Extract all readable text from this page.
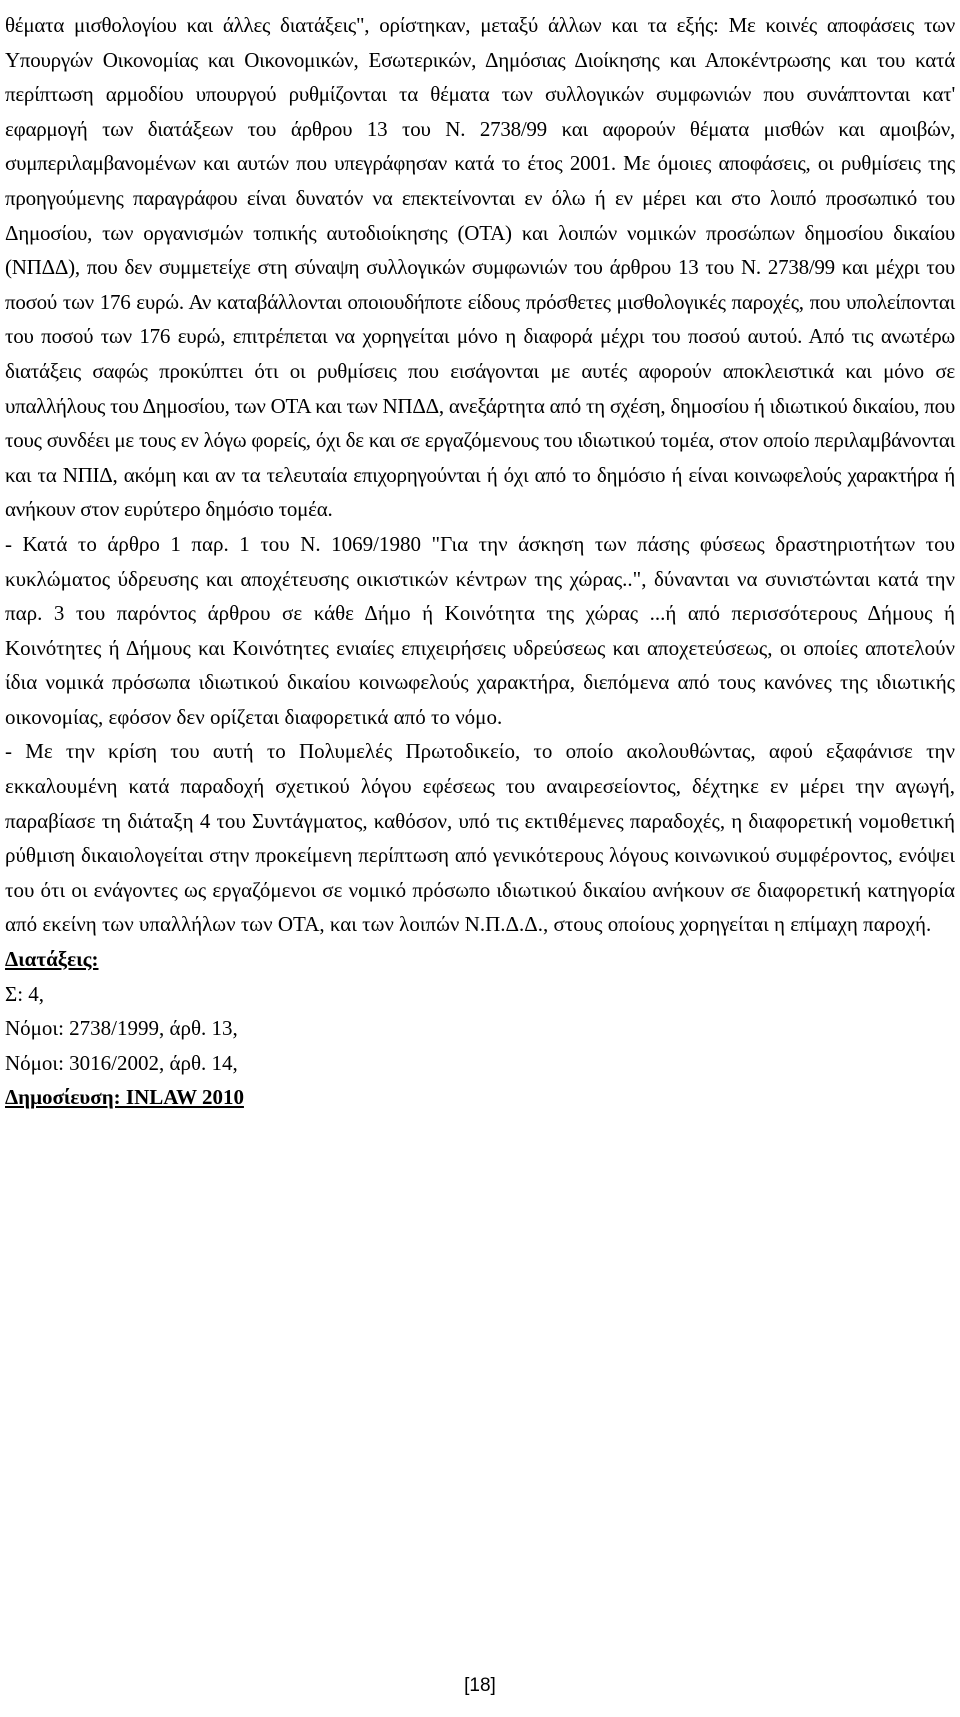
θέματα μισθολογίου και άλλες διατάξεις", ορίστηκαν, μεταξύ άλλων και τα εξής: Με κοινές αποφάσεις των Υπουργών Οικονομίας και Οικονομικών, Εσωτερικών, Δημόσιας Διοίκησης και Αποκέντρωσης και του κατά περίπτωση αρμοδίου υπουργού ρυθμίζονται τα θέματα των συλλογικών συμφωνιών που συνάπτονται κατ' εφαρμογή των διατάξεων του άρθρου 13 του Ν. 2738/99 και αφορούν θέματα μισθών και αμοιβών, συμπεριλαμβανομένων και αυτών που υπεγράφησαν κατά το έτος 2001. Με όμοιες αποφάσεις, οι ρυθμίσεις της προηγούμενης παραγράφου είναι δυνατόν να επεκτείνονται εν όλω ή εν μέρει και στο λοιπό προσωπικό του Δημοσίου, των οργανισμών τοπικής αυτοδιοίκησης (ΟΤΑ) και λοιπών νομικών προσώπων δημοσίου δικαίου (ΝΠΔΔ), που δεν συμμετείχε στη σύναψη συλλογικών συμφωνιών του άρθρου 13 του Ν. 2738/99 και μέχρι του ποσού των 176 ευρώ. Αν καταβάλλονται οποιουδήποτε είδους πρόσθετες μισθολογικές παροχές, που υπολείπονται του ποσού των 176 ευρώ, επιτρέπεται να χορηγείται μόνο η διαφορά μέχρι του ποσού αυτού. Από τις ανωτέρω διατάξεις σαφώς προκύπτει ότι οι ρυθμίσεις που εισάγονται με αυτές αφορούν αποκλειστικά και μόνο σε υπαλλήλους του Δημοσίου, των ΟΤΑ και των ΝΠΔΔ, ανεξάρτητα από τη σχέση, δημοσίου ή ιδιωτικού δικαίου, που τους συνδέει με τους εν λόγω φορείς, όχι δε και σε εργαζόμενους του ιδιωτικού τομέα, στον οποίο περιλαμβάνονται και τα ΝΠΙΔ, ακόμη και αν τα τελευταία επιχορηγούνται ή όχι από το δημόσιο ή είναι κοινωφελούς χαρακτήρα ή ανήκουν στον ευρύτερο δημόσιο τομέα.

- Κατά το άρθρο 1 παρ. 1 του Ν. 1069/1980 "Για την άσκηση των πάσης φύσεως δραστηριοτήτων του κυκλώματος ύδρευσης και αποχέτευσης οικιστικών κέντρων της χώρας..", δύνανται να συνιστώνται κατά την παρ. 3 του παρόντος άρθρου σε κάθε Δήμο ή Κοινότητα της χώρας ...ή από περισσότερους Δήμους ή Κοινότητες ή Δήμους και Κοινότητες ενιαίες επιχειρήσεις υδρεύσεως και αποχετεύσεως, οι οποίες αποτελούν ίδια νομικά πρόσωπα ιδιωτικού δικαίου κοινωφελούς χαρακτήρα, διεπόμενα από τους κανόνες της ιδιωτικής οικονομίας, εφόσον δεν ορίζεται διαφορετικά από το νόμο.

- Με την κρίση του αυτή το Πολυμελές Πρωτοδικείο, το οποίο ακολουθώντας, αφού εξαφάνισε την εκκαλουμένη κατά παραδοχή σχετικού λόγου εφέσεως του αναιρεσείοντος, δέχτηκε εν μέρει την αγωγή, παραβίασε τη διάταξη 4 του Συντάγματος, καθόσον, υπό τις εκτιθέμενες παραδοχές, η διαφορετική νομοθετική ρύθμιση δικαιολογείται στην προκείμενη περίπτωση από γενικότερους λόγους κοινωνικού συμφέροντος, ενόψει του ότι οι ενάγοντες ως εργαζόμενοι σε νομικό πρόσωπο ιδιωτικού δικαίου ανήκουν σε διαφορετική κατηγορία από εκείνη των υπαλλήλων των ΟΤΑ, και των λοιπών Ν.Π.Δ.Δ., στους οποίους χορηγείται η επίμαχη παροχή.

Διατάξεις:

Σ: 4,

Νόμοι: 2738/1999, άρθ. 13,

Νόμοι: 3016/2002, άρθ. 14,

Δημοσίευση: INLAW 2010

[18]
